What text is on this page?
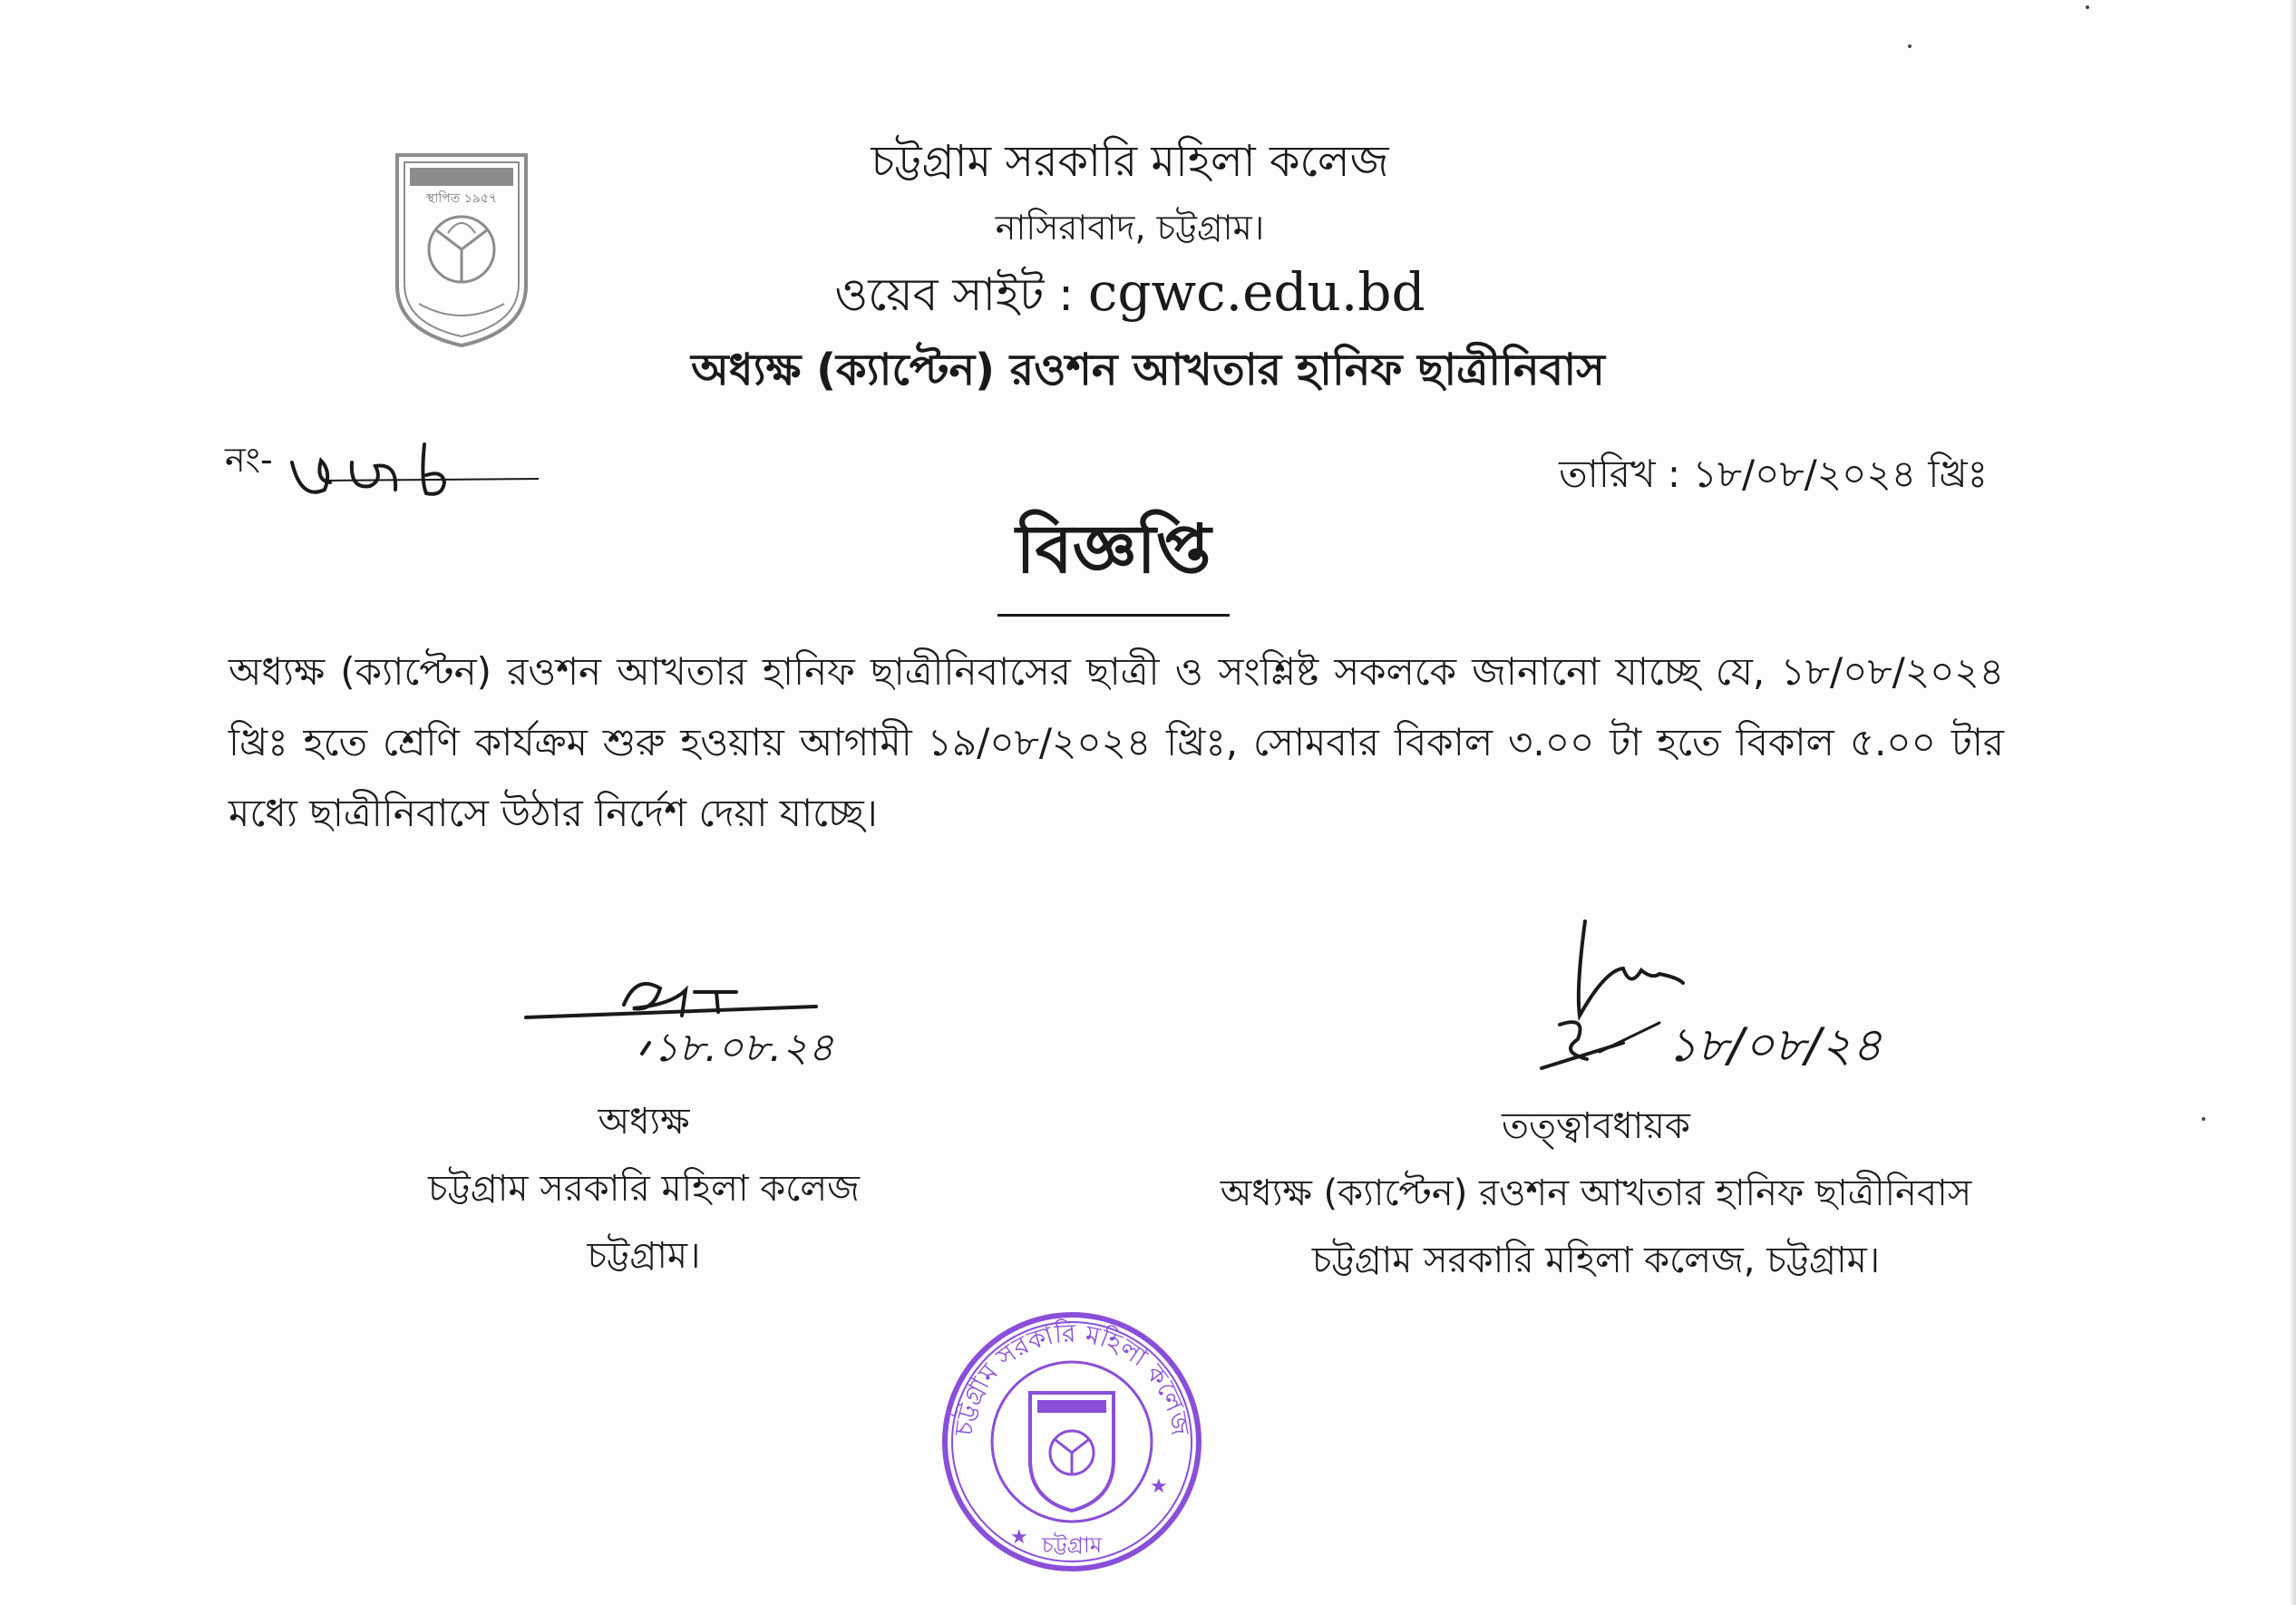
স্থাপিত ১৯৫৭
চট্টগ্রাম সরকারি মহিলা কলেজ
নাসিরাবাদ, চট্টগ্রাম।
ওয়েব সাইট : cgwc.edu.bd
অধ্যক্ষ (ক্যাপ্টেন) রওশন আখতার হানিফ ছাত্রীনিবাস
নং-	তারিখ : ১৮/০৮/২০২৪ খ্রিঃ
বিজ্ঞপ্তি
অধ্যক্ষ (ক্যাপ্টেন) রওশন আখতার হানিফ ছাত্রীনিবাসের ছাত্রী ও সংশ্লিষ্ট সকলকে জানানো যাচ্ছে যে, ১৮/০৮/২০২৪ খ্রিঃ হতে শ্রেণি কার্যক্রম শুরু হওয়ায় আগামী ১৯/০৮/২০২৪ খ্রিঃ, সোমবার বিকাল ৩.০০ টা হতে বিকাল ৫.০০ টার মধ্যে ছাত্রীনিবাসে উঠার নির্দেশ দেয়া যাচ্ছে।
১৮.০৮.২৪	১৮/০৮/২৪
অধ্যক্ষ
চট্টগ্রাম সরকারি মহিলা কলেজ
চট্টগ্রাম।
তত্ত্বাবধায়ক
অধ্যক্ষ (ক্যাপ্টেন) রওশন আখতার হানিফ ছাত্রীনিবাস
চট্টগ্রাম সরকারি মহিলা কলেজ, চট্টগ্রাম।
চট্টগ্রাম সরকারি মহিলা কলেজ
চট্টগ্রাম
★
★
